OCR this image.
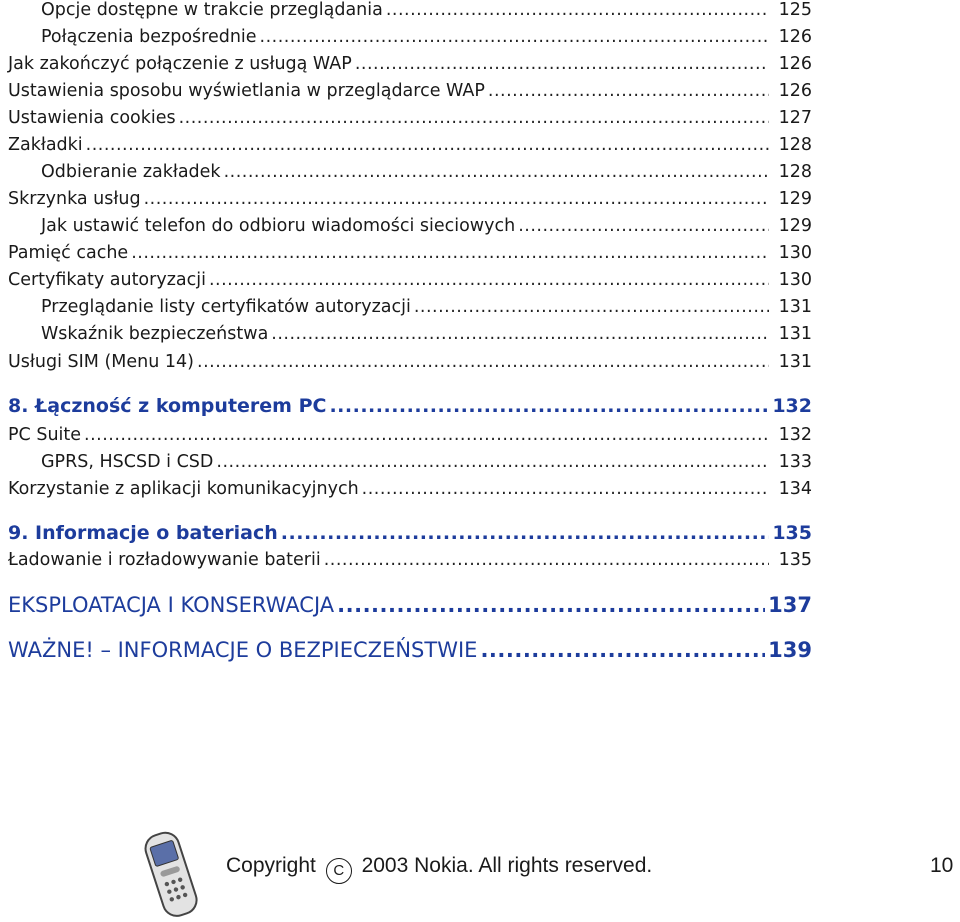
Opcje dostępne w trakcie przeglądania .....	125
Połączenia bezpośrednie .....	126
Jak zakończyć połączenie z usługą WAP .....	126
Ustawienia sposobu wyświetlania w przeglądarce WAP .....	126
Ustawienia cookies .....	127
Zakładki .....	128
Odbieranie zakładek .....	128
Skrzynka usług .....	129
Jak ustawić telefon do odbioru wiadomości sieciowych .....	129
Pamięć cache .....	130
Certyfikaty autoryzacji .....	130
Przeglądanie listy certyfikatów autoryzacji .....	131
Wskaźnik bezpieczeństwa .....	131
Usługi SIM (Menu 14) .....	131
8. Łączność z komputerem PC .....	132
PC Suite .....	132
GPRS, HSCSD i CSD .....	133
Korzystanie z aplikacji komunikacyjnych .....	134
9. Informacje o bateriach .....	135
Ładowanie i rozładowywanie baterii .....	135
EKSPLOATACJA I KONSERWACJA .....	137
WAŻNE! – INFORMACJE O BEZPIECZEŃSTWIE .....	139
Copyright C 2003 Nokia. All rights reserved.	10
